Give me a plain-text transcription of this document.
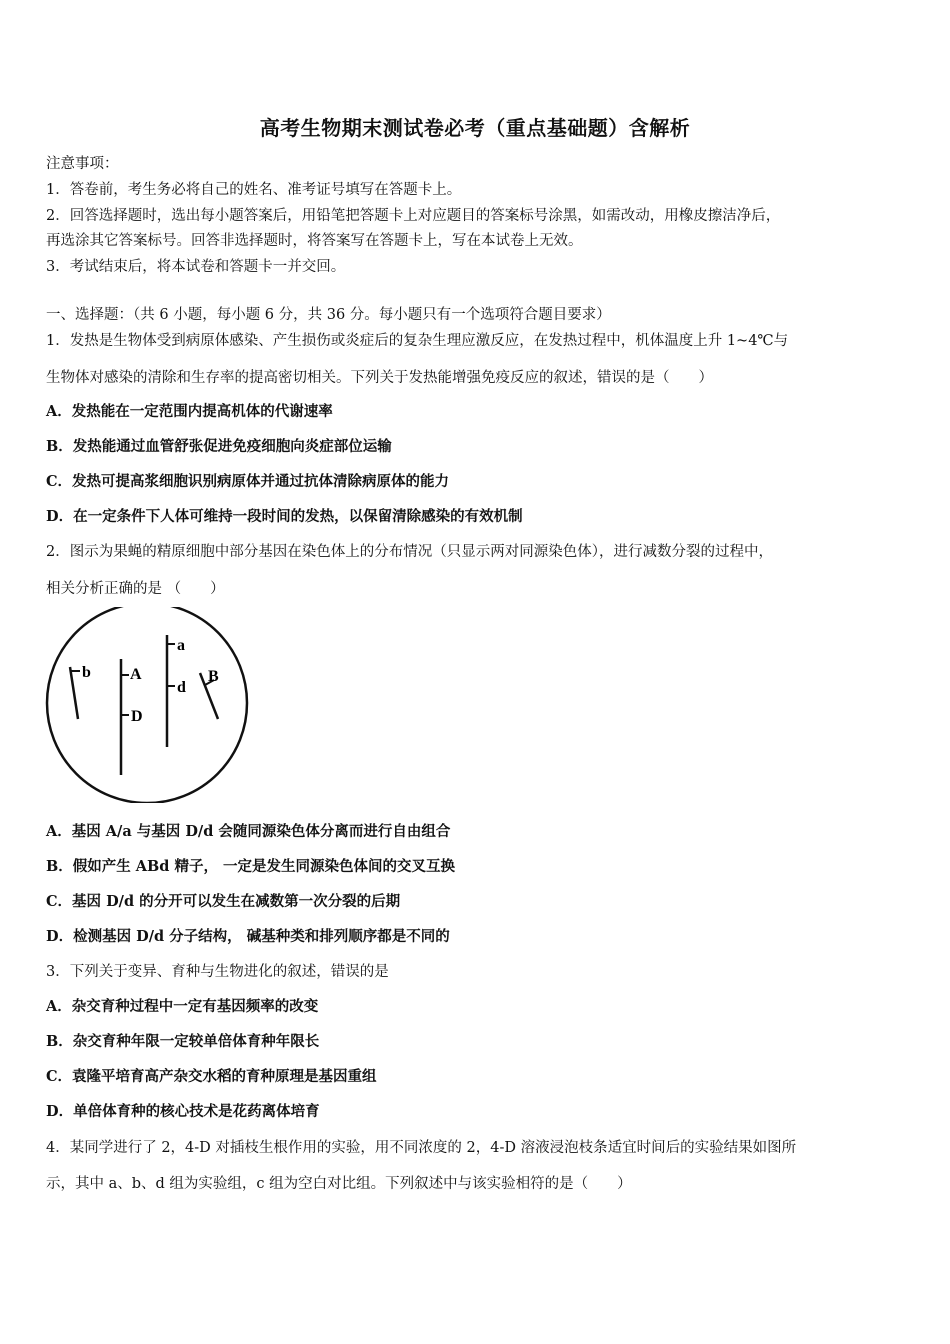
高考生物期末测试卷必考（重点基础题）含解析
注意事项：
1．答卷前，考生务必将自己的姓名、准考证号填写在答题卡上。
2．回答选择题时，选出每小题答案后，用铅笔把答题卡上对应题目的答案标号涂黑，如需改动，用橡皮擦洁净后，
再选涂其它答案标号。回答非选择题时，将答案写在答题卡上，写在本试卷上无效。
3．考试结束后，将本试卷和答题卡一并交回。
一、选择题：（共 6 小题，每小题 6 分，共 36 分。每小题只有一个选项符合题目要求）
1．发热是生物体受到病原体感染、产生损伤或炎症后的复杂生理应激反应，在发热过程中，机体温度上升 1~4℃与
生物体对感染的清除和生存率的提高密切相关。下列关于发热能增强免疫反应的叙述，错误的是（　　）
A．发热能在一定范围内提高机体的代谢速率
B．发热能通过血管舒张促进免疫细胞向炎症部位运输
C．发热可提高浆细胞识别病原体并通过抗体清除病原体的能力
D．在一定条件下人体可维持一段时间的发热，以保留清除感染的有效机制
2．图示为果蝇的精原细胞中部分基因在染色体上的分布情况（只显示两对同源染色体），进行减数分裂的过程中，
相关分析正确的是 （　　）
b A
D
a
d
B
A．基因 A/a 与基因 D/d 会随同源染色体分离而进行自由组合
B．假如产生 ABd 精子， 一定是发生同源染色体间的交叉互换
C．基因 D/d 的分开可以发生在减数第一次分裂的后期
D．检测基因 D/d 分子结构， 碱基种类和排列顺序都是不同的
3．下列关于变异、育种与生物进化的叙述，错误的是
A．杂交育种过程中一定有基因频率的改变
B．杂交育种年限一定较单倍体育种年限长
C．袁隆平培育高产杂交水稻的育种原理是基因重组
D．单倍体育种的核心技术是花药离体培育
4．某同学进行了 2，4-D 对插枝生根作用的实验，用不同浓度的 2，4-D 溶液浸泡枝条适宜时间后的实验结果如图所
示，其中 a、b、d 组为实验组，c 组为空白对比组。下列叙述中与该实验相符的是（　　）
